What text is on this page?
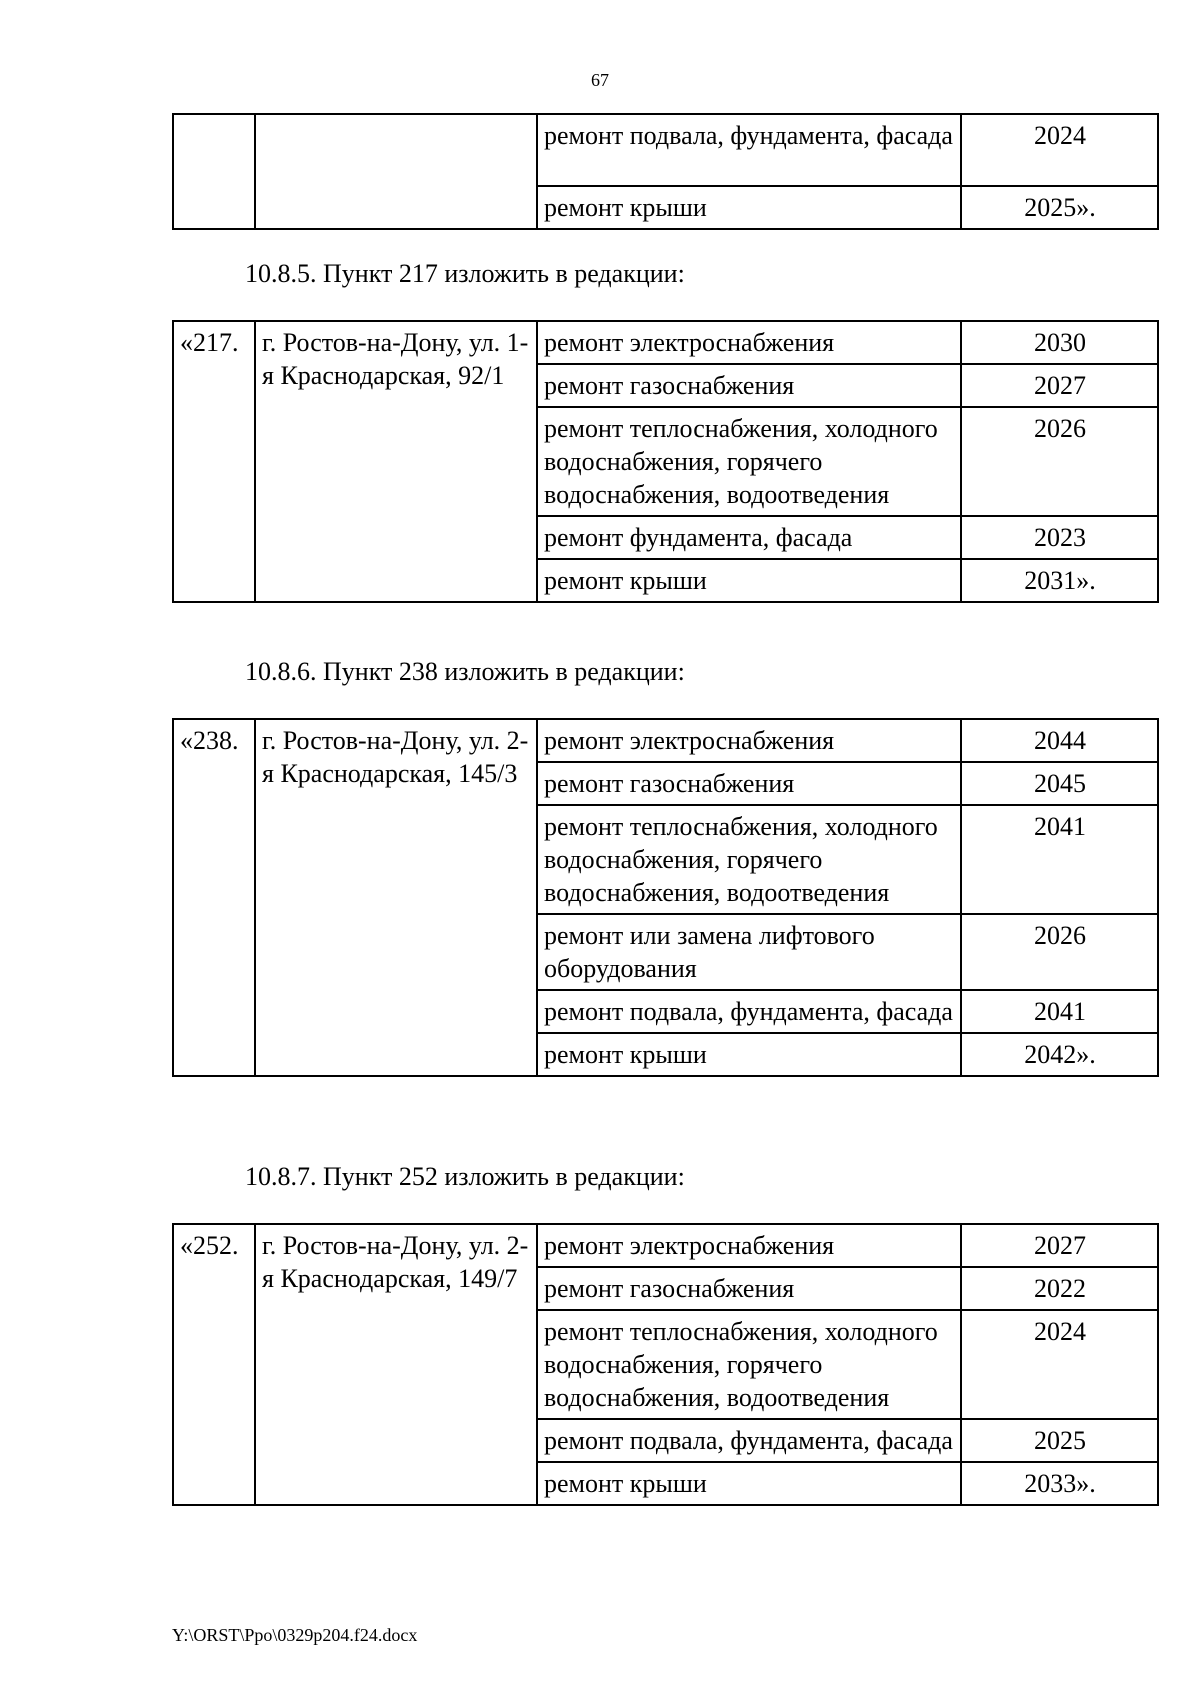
67
		ремонт подвала, фундамента, фасада	2024
		ремонт крыши	2025».
10.8.5. Пункт 217 изложить в редакции:
«217.	г. Ростов-на-Дону, ул. 1-я Краснодарская, 92/1	ремонт электроснабжения	2030
		ремонт газоснабжения	2027
		ремонт теплоснабжения, холодного водоснабжения, горячего водоснабжения, водоотведения	2026
		ремонт фундамента, фасада	2023
		ремонт крыши	2031».
10.8.6. Пункт 238 изложить в редакции:
«238.	г. Ростов-на-Дону, ул. 2-я Краснодарская, 145/3	ремонт электроснабжения	2044
		ремонт газоснабжения	2045
		ремонт теплоснабжения, холодного водоснабжения, горячего водоснабжения, водоотведения	2041
		ремонт или замена лифтового оборудования	2026
		ремонт подвала, фундамента, фасада	2041
		ремонт крыши	2042».
10.8.7. Пункт 252 изложить в редакции:
«252.	г. Ростов-на-Дону, ул. 2-я Краснодарская, 149/7	ремонт электроснабжения	2027
		ремонт газоснабжения	2022
		ремонт теплоснабжения, холодного водоснабжения, горячего водоснабжения, водоотведения	2024
		ремонт подвала, фундамента, фасада	2025
		ремонт крыши	2033».
Y:\ORST\Ppo\0329p204.f24.docx
